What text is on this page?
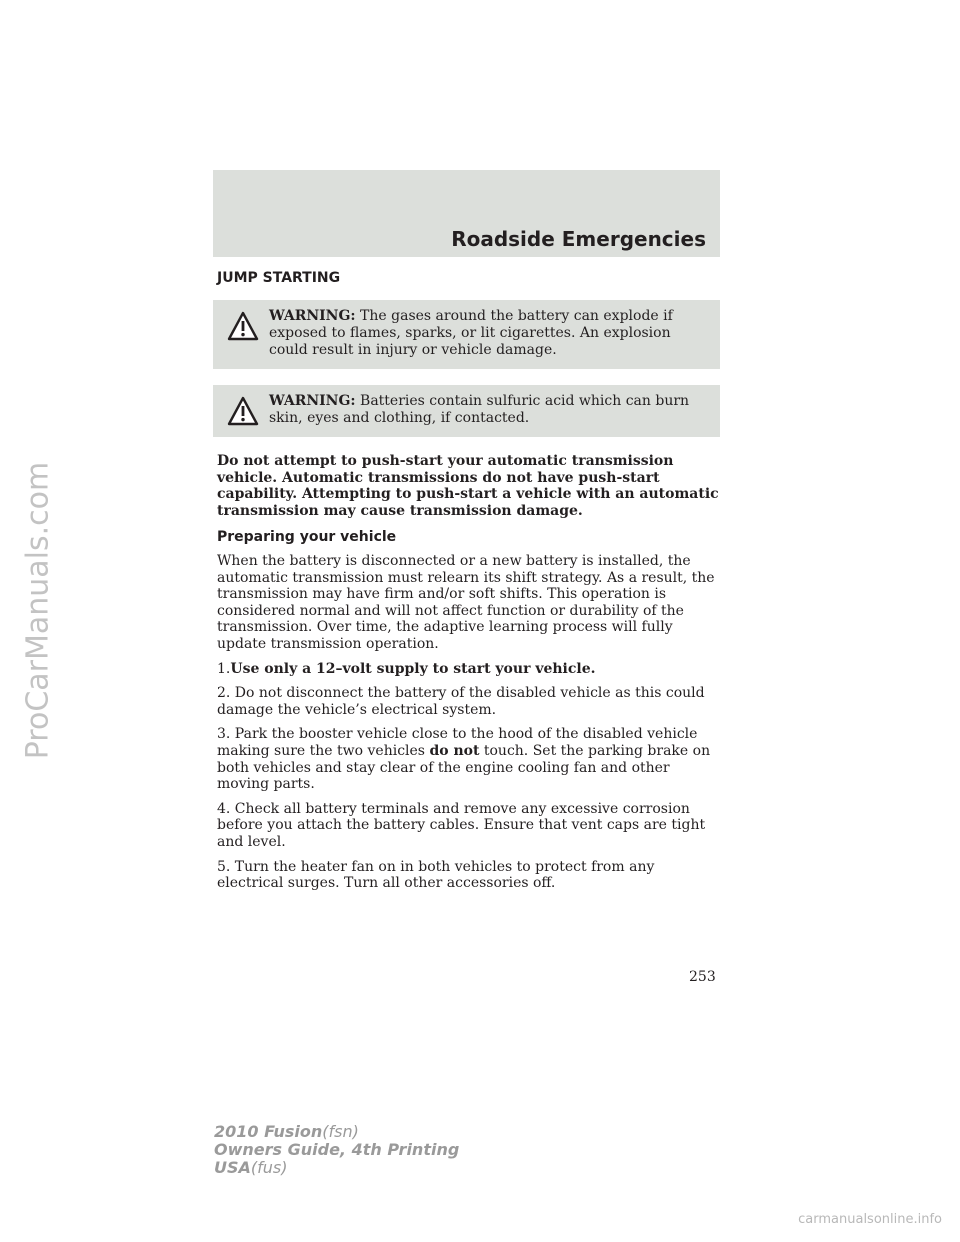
ProCarManuals.com
Roadside Emergencies
JUMP STARTING
WARNING: The gases around the battery can explode if exposed to flames, sparks, or lit cigarettes. An explosion could result in injury or vehicle damage.
WARNING: Batteries contain sulfuric acid which can burn skin, eyes and clothing, if contacted.

Do not attempt to push-start your automatic transmission vehicle. Automatic transmissions do not have push-start capability. Attempting to push-start a vehicle with an automatic transmission may cause transmission damage.

Preparing your vehicle

When the battery is disconnected or a new battery is installed, the automatic transmission must relearn its shift strategy. As a result, the transmission may have firm and/or soft shifts. This operation is considered normal and will not affect function or durability of the transmission. Over time, the adaptive learning process will fully update transmission operation.

1.Use only a 12–volt supply to start your vehicle.

2. Do not disconnect the battery of the disabled vehicle as this could damage the vehicle’s electrical system.

3. Park the booster vehicle close to the hood of the disabled vehicle making sure the two vehicles do not touch. Set the parking brake on both vehicles and stay clear of the engine cooling fan and other moving parts.

4. Check all battery terminals and remove any excessive corrosion before you attach the battery cables. Ensure that vent caps are tight and level.

5. Turn the heater fan on in both vehicles to protect from any electrical surges. Turn all other accessories off.

253
2010 Fusion(fsn)
Owners Guide, 4th Printing
USA(fus)
carmanualsonline.info
